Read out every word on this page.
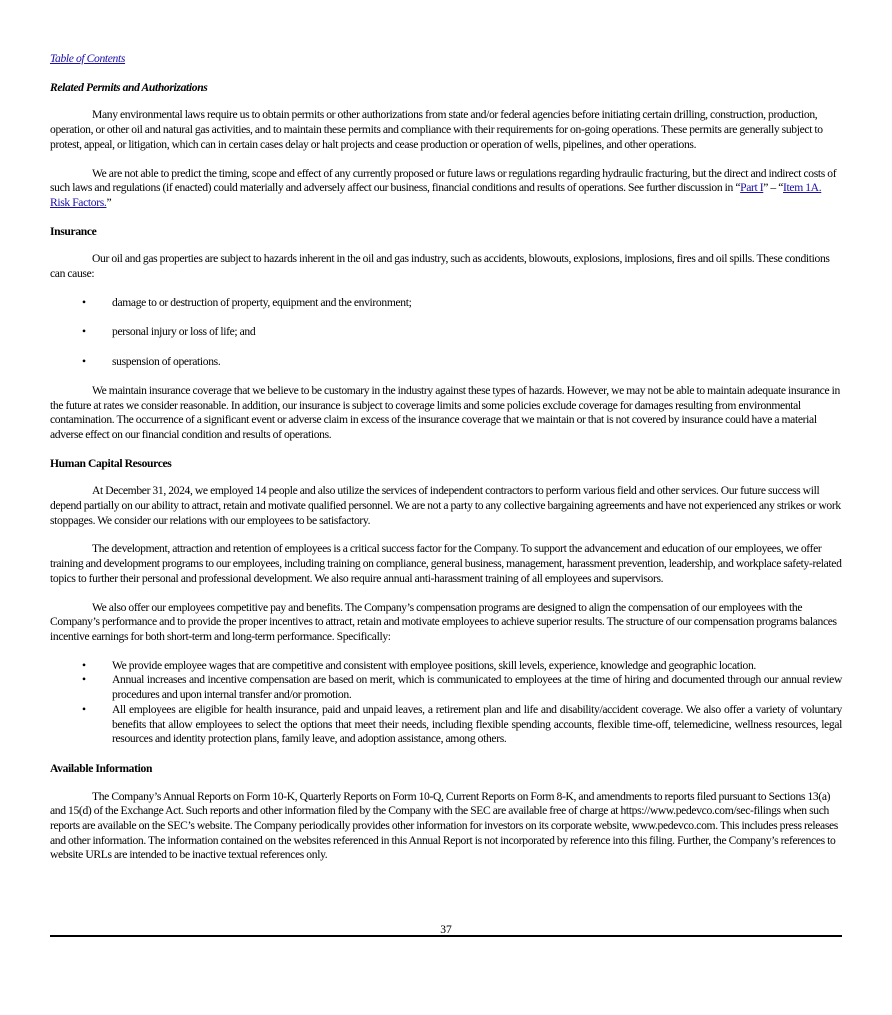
Table of Contents
Related Permits and Authorizations

Many environmental laws require us to obtain permits or other authorizations from state and/or federal agencies before initiating certain drilling, construction, production, operation, or other oil and natural gas activities, and to maintain these permits and compliance with their requirements for on-going operations. These permits are generally subject to protest, appeal, or litigation, which can in certain cases delay or halt projects and cease production or operation of wells, pipelines, and other operations.

We are not able to predict the timing, scope and effect of any currently proposed or future laws or regulations regarding hydraulic fracturing, but the direct and indirect costs of such laws and regulations (if enacted) could materially and adversely affect our business, financial conditions and results of operations. See further discussion in “Part I” – “Item 1A. Risk Factors.”

Insurance

Our oil and gas properties are subject to hazards inherent in the oil and gas industry, such as accidents, blowouts, explosions, implosions, fires and oil spills. These conditions can cause:

• damage to or destruction of property, equipment and the environment;
• personal injury or loss of life; and
• suspension of operations.

We maintain insurance coverage that we believe to be customary in the industry against these types of hazards. However, we may not be able to maintain adequate insurance in the future at rates we consider reasonable. In addition, our insurance is subject to coverage limits and some policies exclude coverage for damages resulting from environmental contamination. The occurrence of a significant event or adverse claim in excess of the insurance coverage that we maintain or that is not covered by insurance could have a material adverse effect on our financial condition and results of operations.

Human Capital Resources

At December 31, 2024, we employed 14 people and also utilize the services of independent contractors to perform various field and other services. Our future success will depend partially on our ability to attract, retain and motivate qualified personnel. We are not a party to any collective bargaining agreements and have not experienced any strikes or work stoppages. We consider our relations with our employees to be satisfactory.

The development, attraction and retention of employees is a critical success factor for the Company. To support the advancement and education of our employees, we offer training and development programs to our employees, including training on compliance, general business, management, harassment prevention, leadership, and workplace safety-related topics to further their personal and professional development. We also require annual anti-harassment training of all employees and supervisors.

We also offer our employees competitive pay and benefits. The Company’s compensation programs are designed to align the compensation of our employees with the Company’s performance and to provide the proper incentives to attract, retain and motivate employees to achieve superior results. The structure of our compensation programs balances incentive earnings for both short-term and long-term performance. Specifically:

• We provide employee wages that are competitive and consistent with employee positions, skill levels, experience, knowledge and geographic location.
• Annual increases and incentive compensation are based on merit, which is communicated to employees at the time of hiring and documented through our annual review procedures and upon internal transfer and/or promotion.
• All employees are eligible for health insurance, paid and unpaid leaves, a retirement plan and life and disability/accident coverage. We also offer a variety of voluntary benefits that allow employees to select the options that meet their needs, including flexible spending accounts, flexible time-off, telemedicine, wellness resources, legal resources and identity protection plans, family leave, and adoption assistance, among others.
Available Information

The Company’s Annual Reports on Form 10-K, Quarterly Reports on Form 10-Q, Current Reports on Form 8-K, and amendments to reports filed pursuant to Sections 13(a) and 15(d) of the Exchange Act. Such reports and other information filed by the Company with the SEC are available free of charge at https://www.pedevco.com/sec-filings when such reports are available on the SEC’s website. The Company periodically provides other information for investors on its corporate website, www.pedevco.com. This includes press releases and other information. The information contained on the websites referenced in this Annual Report is not incorporated by reference into this filing. Further, the Company’s references to website URLs are intended to be inactive textual references only.

37
